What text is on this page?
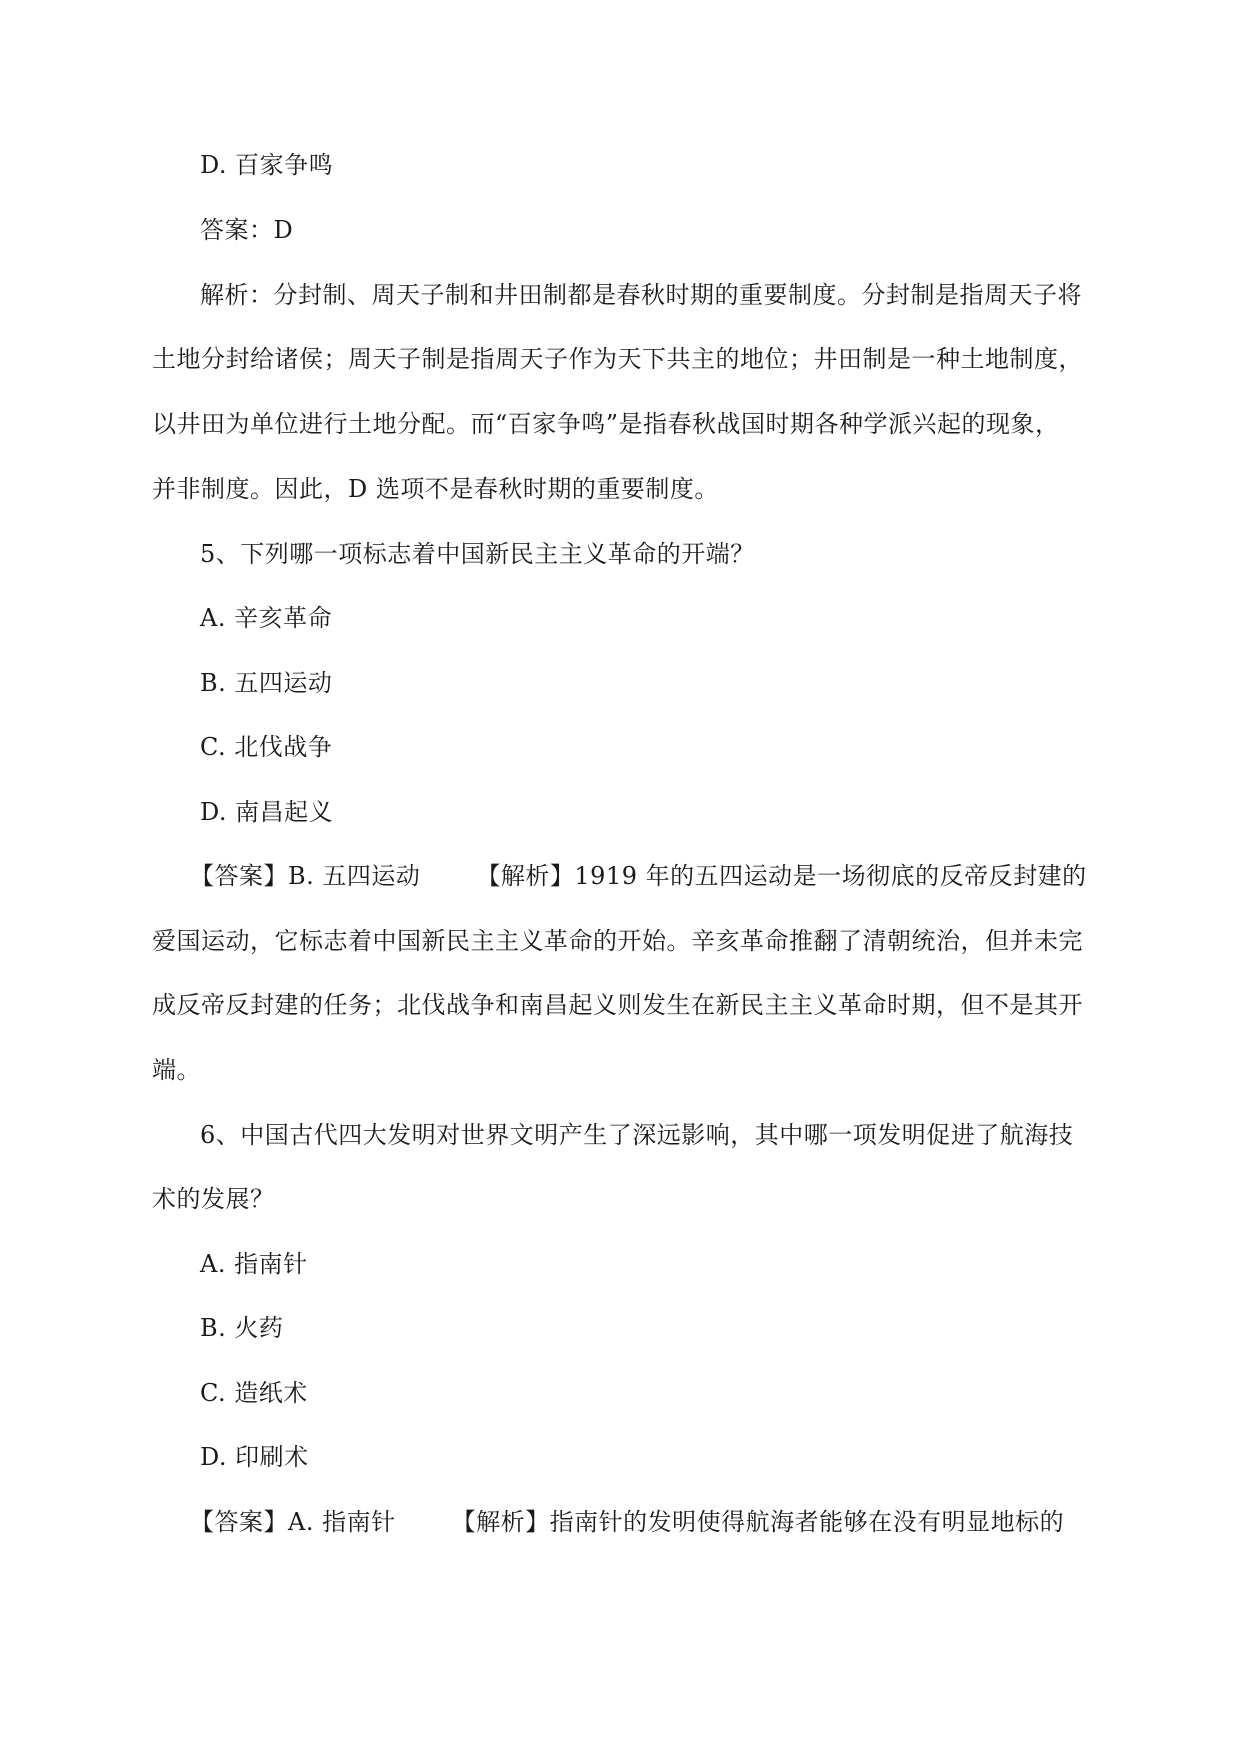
D. 百家争鸣
答案：D
解析：分封制、周天子制和井田制都是春秋时期的重要制度。分封制是指周天子将
土地分封给诸侯；周天子制是指周天子作为天下共主的地位；井田制是一种土地制度，
以井田为单位进行土地分配。而“百家争鸣”是指春秋战国时期各种学派兴起的现象，
并非制度。因此，D 选项不是春秋时期的重要制度。
5、下列哪一项标志着中国新民主主义革命的开端？
A. 辛亥革命
B. 五四运动
C. 北伐战争
D. 南昌起义
【答案】B. 五四运动 【解析】1919 年的五四运动是一场彻底的反帝反封建的
爱国运动，它标志着中国新民主主义革命的开始。辛亥革命推翻了清朝统治，但并未完
成反帝反封建的任务；北伐战争和南昌起义则发生在新民主主义革命时期，但不是其开
端。
6、中国古代四大发明对世界文明产生了深远影响，其中哪一项发明促进了航海技
术的发展？
A. 指南针
B. 火药
C. 造纸术
D. 印刷术
【答案】A. 指南针 【解析】指南针的发明使得航海者能够在没有明显地标的
